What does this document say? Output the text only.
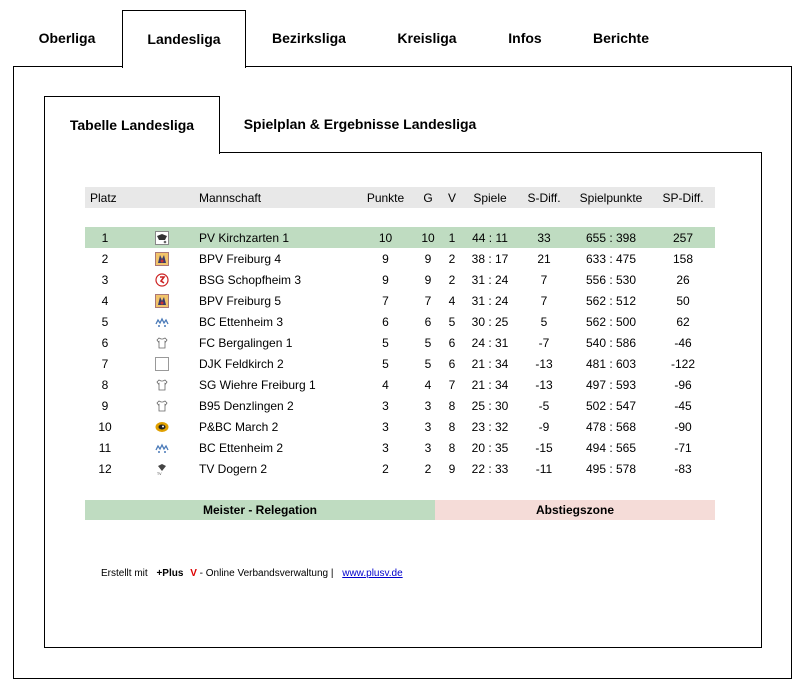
Oberliga	Landesliga	Bezirksliga	Kreisliga	Infos	Berichte
Tabelle Landesliga	Spielplan & Ergebnisse Landesliga
Platz		Mannschaft	Punkte	G	V	Spiele	S-Diff.	Spielpunkte	SP-Diff.

1		PV Kirchzarten 1	10	10	1	44 : 11	33	655 : 398	257
2		BPV Freiburg 4	9	9	2	38 : 17	21	633 : 475	158
3		BSG Schopfheim 3	9	9	2	31 : 24	7	556 : 530	26
4		BPV Freiburg 5	7	7	4	31 : 24	7	562 : 512	50
5		BC Ettenheim 3	6	6	5	30 : 25	5	562 : 500	62
6		FC Bergalingen 1	5	5	6	24 : 31	-7	540 : 586	-46
7		DJK Feldkirch 2	5	5	6	21 : 34	-13	481 : 603	-122
8		SG Wiehre Freiburg 1	4	4	7	21 : 34	-13	497 : 593	-96
9		B95 Denzlingen 2	3	3	8	25 : 30	-5	502 : 547	-45
10		P&BC March 2	3	3	8	23 : 32	-9	478 : 568	-90
11		BC Ettenheim 2	3	3	8	20 : 35	-15	494 : 565	-71
12	TV	TV Dogern 2	2	2	9	22 : 33	-11	495 : 578	-83
Meister - Relegation	Abstiegszone
Erstellt mit +Plus V - Online Verbandsverwaltung | www.plusv.de
